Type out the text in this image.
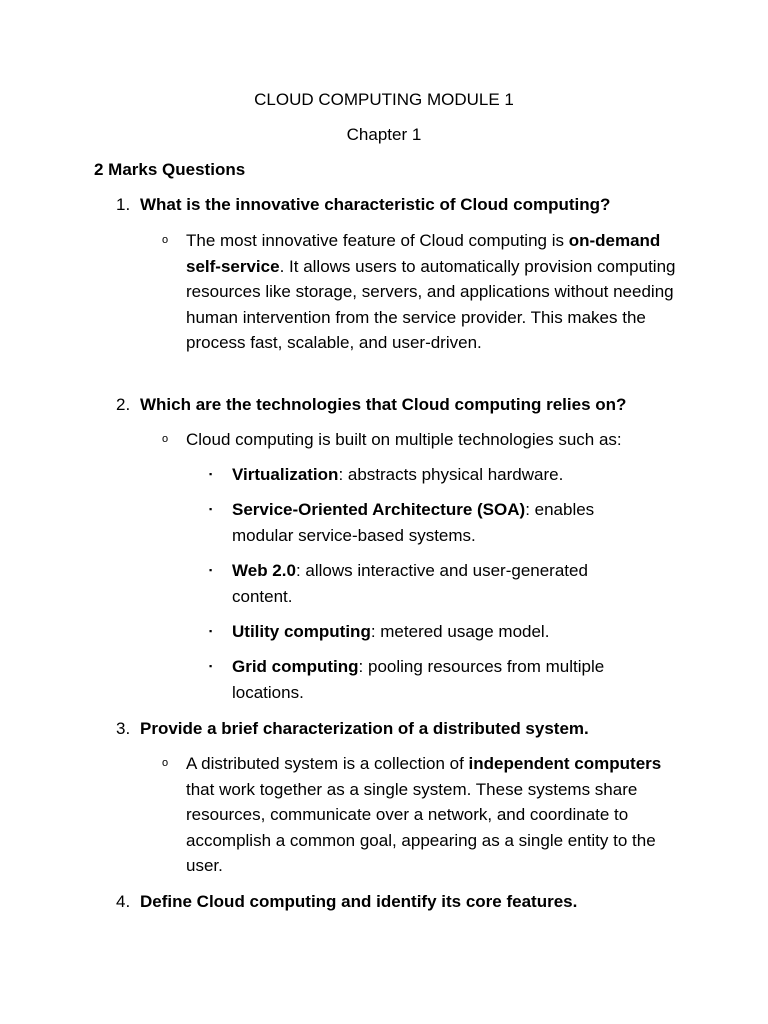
CLOUD COMPUTING MODULE 1
Chapter 1
2 Marks Questions
1. What is the innovative characteristic of Cloud computing?
o The most innovative feature of Cloud computing is on-demand self-service. It allows users to automatically provision computing resources like storage, servers, and applications without needing human intervention from the service provider. This makes the process fast, scalable, and user-driven.
2. Which are the technologies that Cloud computing relies on?
o Cloud computing is built on multiple technologies such as:
▪ Virtualization: abstracts physical hardware.
▪ Service-Oriented Architecture (SOA): enables modular service-based systems.
▪ Web 2.0: allows interactive and user-generated content.
▪ Utility computing: metered usage model.
▪ Grid computing: pooling resources from multiple locations.
3. Provide a brief characterization of a distributed system.
o A distributed system is a collection of independent computers that work together as a single system. These systems share resources, communicate over a network, and coordinate to accomplish a common goal, appearing as a single entity to the user.
4. Define Cloud computing and identify its core features.
